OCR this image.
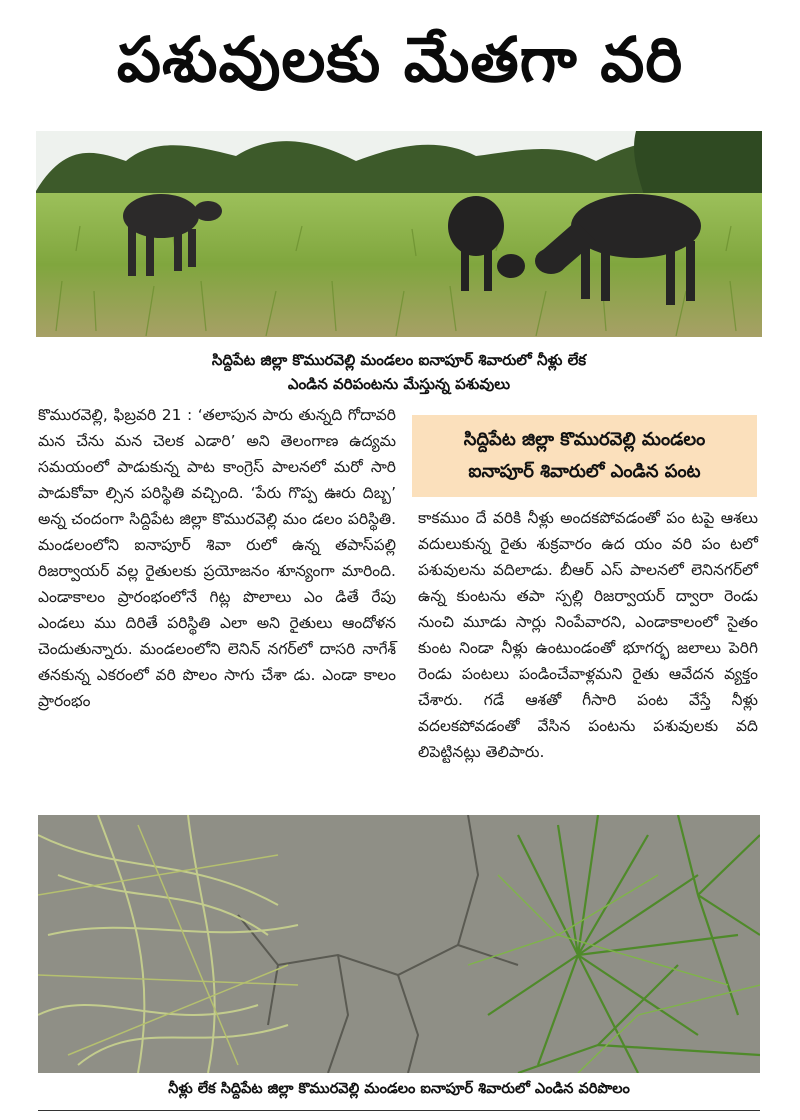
పశువులకు మేతగా వరి
సిద్దిపేట జిల్లా కొమురవెల్లి మండలం ఐనాపూర్ శివారులో నీళ్లు లేక
ఎండిన వరిపంటను మేస్తున్న పశువులు
కొమురవెల్లి, ఫిబ్రవరి 21 : ‘తలాపున పారు తున్నది గోదావరి మన చేను మన చెలక ఎడారి’ అని తెలంగాణ ఉద్యమ సమయంలో పాడుకున్న పాట కాంగ్రెస్ పాలనలో మరో సారి పాడుకోవా ల్సిన పరిస్థితి వచ్చింది. ‘పేరు గొప్ప ఊరు దిబ్బ’ అన్న చందంగా సిద్దిపేట జిల్లా కొమురవెల్లి మం డలం పరిస్థితి. మండలంలోని ఐనాపూర్ శివా రులో ఉన్న తపాస్‌పల్లి రిజర్వాయర్ వల్ల రైతులకు ప్రయోజనం శూన్యంగా మారింది. ఎండాకాలం ప్రారంభంలోనే గిట్ల పొలాలు ఎం డితే రేపు ఎండలు ము దిరితే పరిస్థితి ఎలా అని రైతులు ఆందోళన చెందుతున్నారు. మండలంలోని లెనిన్ నగర్‌లో దాసరి నాగేశ్ తనకున్న ఎకరంలో వరి పొలం సాగు చేశా డు. ఎండా కాలం ప్రారంభం
సిద్దిపేట జిల్లా కొమురవెల్లి మండలం
ఐనాపూర్ శివారులో ఎండిన పంట
కాకముం దే వరికి నీళ్లు అందకపోవడంతో పం టపై ఆశలు వదులుకున్న రైతు శుక్రవారం ఉద యం వరి పం టలో పశువులను వదిలాడు. బీఆర్ ఎస్ పాలనలో లెనినగర్‌లో ఉన్న కుంటను తపా స్పల్లి రిజర్వాయర్ ద్వారా రెండు నుంచి మూడు సార్లు నింపేవారని, ఎండాకాలంలో సైతం కుంట నిండా నీళ్లు ఉంటుండంతో భూగర్భ జలాలు పెరిగి రెండు పంటలు పండించేవాళ్లమని రైతు ఆవేదన వ్యక్తం చేశారు. గడే ఆశతో గీసారి పంట వేస్తే నీళ్లు వదలకపోవడంతో వేసిన పంటను పశువులకు వది లిపెట్టినట్లు తెలిపారు.
నీళ్లు లేక సిద్దిపేట జిల్లా కొమురవెల్లి మండలం ఐనాపూర్ శివారులో ఎండిన వరిపొలం
